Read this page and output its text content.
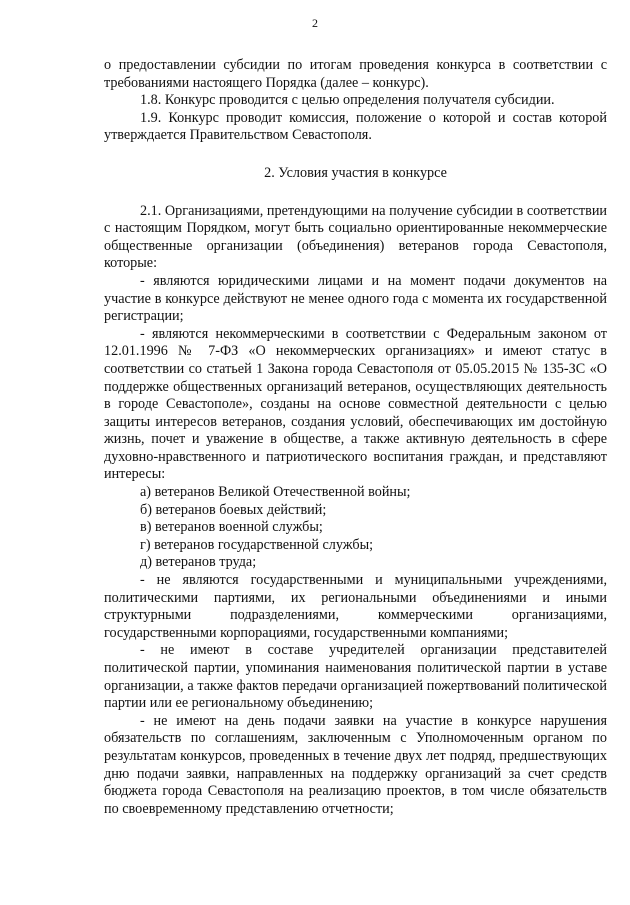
2

о предоставлении субсидии по итогам проведения конкурса в соответствии с требованиями настоящего Порядка (далее – конкурс).

1.8. Конкурс проводится с целью определения получателя субсидии.

1.9. Конкурс проводит комиссия, положение о которой и состав которой утверждается Правительством Севастополя.

2. Условия участия в конкурсе

2.1. Организациями, претендующими на получение субсидии в соответствии с настоящим Порядком, могут быть социально ориентированные некоммерческие общественные организации (объединения) ветеранов города Севастополя, которые:

- являются юридическими лицами и на момент подачи документов на участие в конкурсе действуют не менее одного года с момента их государственной регистрации;

- являются некоммерческими в соответствии с Федеральным законом от 12.01.1996 № 7-ФЗ «О некоммерческих организациях» и имеют статус в соответствии со статьей 1 Закона города Севастополя от 05.05.2015 № 135-ЗС «О поддержке общественных организаций ветеранов, осуществляющих деятельность в городе Севастополе», созданы на основе совместной деятельности с целью защиты интересов ветеранов, создания условий, обеспечивающих им достойную жизнь, почет и уважение в обществе, а также активную деятельность в сфере духовно-нравственного и патриотического воспитания граждан, и представляют интересы:

а) ветеранов Великой Отечественной войны;

б) ветеранов боевых действий;

в) ветеранов военной службы;

г) ветеранов государственной службы;

д) ветеранов труда;

- не являются государственными и муниципальными учреждениями, политическими партиями, их региональными объединениями и иными структурными подразделениями, коммерческими организациями, государственными корпорациями, государственными компаниями;

- не имеют в составе учредителей организации представителей политической партии, упоминания наименования политической партии в уставе организации, а также фактов передачи организацией пожертвований политической партии или ее региональному объединению;

- не имеют на день подачи заявки на участие в конкурсе нарушения обязательств по соглашениям, заключенным с Уполномоченным органом по результатам конкурсов, проведенных в течение двух лет подряд, предшествующих дню подачи заявки, направленных на поддержку организаций за счет средств бюджета города Севастополя на реализацию проектов, в том числе обязательств по своевременному представлению отчетности;
